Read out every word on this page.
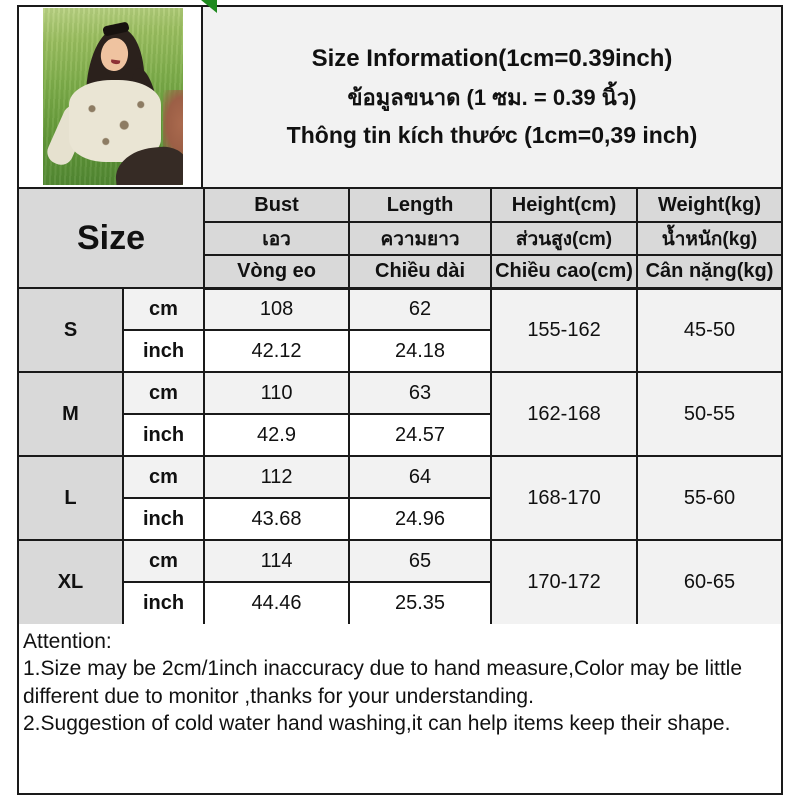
Size Information(1cm=0.39inch)
ข้อมูลขนาด (1 ซม. = 0.39 นิ้ว)
Thông tin kích thước (1cm=0,39 inch)
Size		Bust	Length	Height(cm)	Weight(kg)
		เอว	ความยาว	ส่วนสูง(cm)	น้ำหนัก(kg)
		Vòng eo	Chiều dài	Chiều cao(cm)	Cân nặng(kg)
S	cm	108	62	155-162	45-50
	inch	42.12	24.18		
M	cm	110	63	162-168	50-55
	inch	42.9	24.57		
L	cm	112	64	168-170	55-60
	inch	43.68	24.96		
XL	cm	114	65	170-172	60-65
	inch	44.46	25.35		

Attention:

1.Size may be 2cm/1inch inaccuracy due to hand measure,Color may be little different due to monitor ,thanks for your understanding.

2.Suggestion of cold water hand washing,it can help items keep their shape.
